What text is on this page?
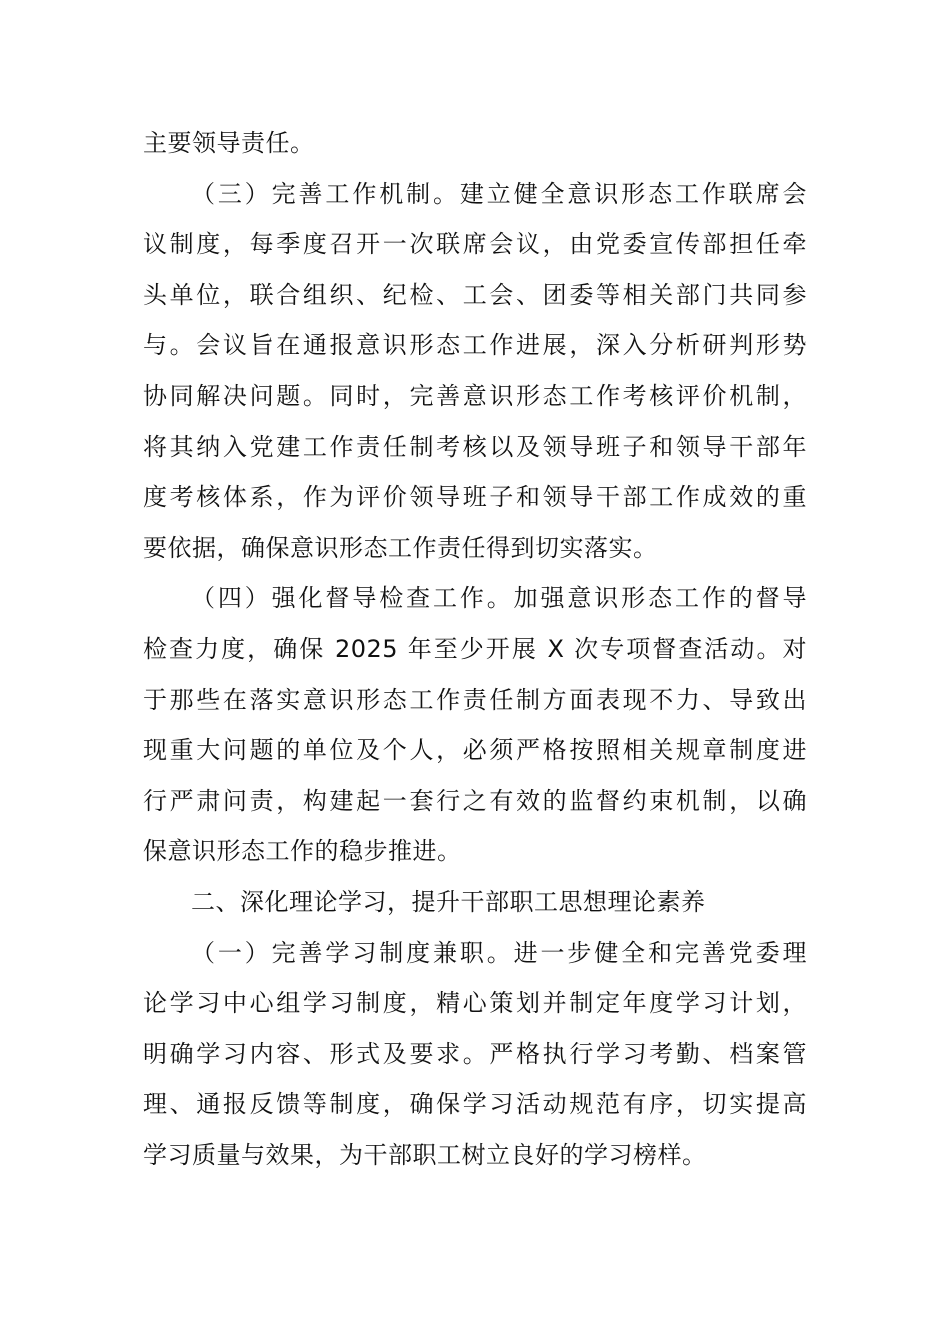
主要领导责任。
（三）完善工作机制。建立健全意识形态工作联席会
议制度，每季度召开一次联席会议，由党委宣传部担任牵
头单位，联合组织、纪检、工会、团委等相关部门共同参
与。会议旨在通报意识形态工作进展，深入分析研判形势
协同解决问题。同时，完善意识形态工作考核评价机制，
将其纳入党建工作责任制考核以及领导班子和领导干部年
度考核体系，作为评价领导班子和领导干部工作成效的重
要依据，确保意识形态工作责任得到切实落实。
（四）强化督导检查工作。加强意识形态工作的督导
检查力度，确保 2025 年至少开展 X 次专项督查活动。对
于那些在落实意识形态工作责任制方面表现不力、导致出
现重大问题的单位及个人，必须严格按照相关规章制度进
行严肃问责，构建起一套行之有效的监督约束机制，以确
保意识形态工作的稳步推进。
二、深化理论学习，提升干部职工思想理论素养
（一）完善学习制度兼职。进一步健全和完善党委理
论学习中心组学习制度，精心策划并制定年度学习计划，
明确学习内容、形式及要求。严格执行学习考勤、档案管
理、通报反馈等制度，确保学习活动规范有序，切实提高
学习质量与效果，为干部职工树立良好的学习榜样。
